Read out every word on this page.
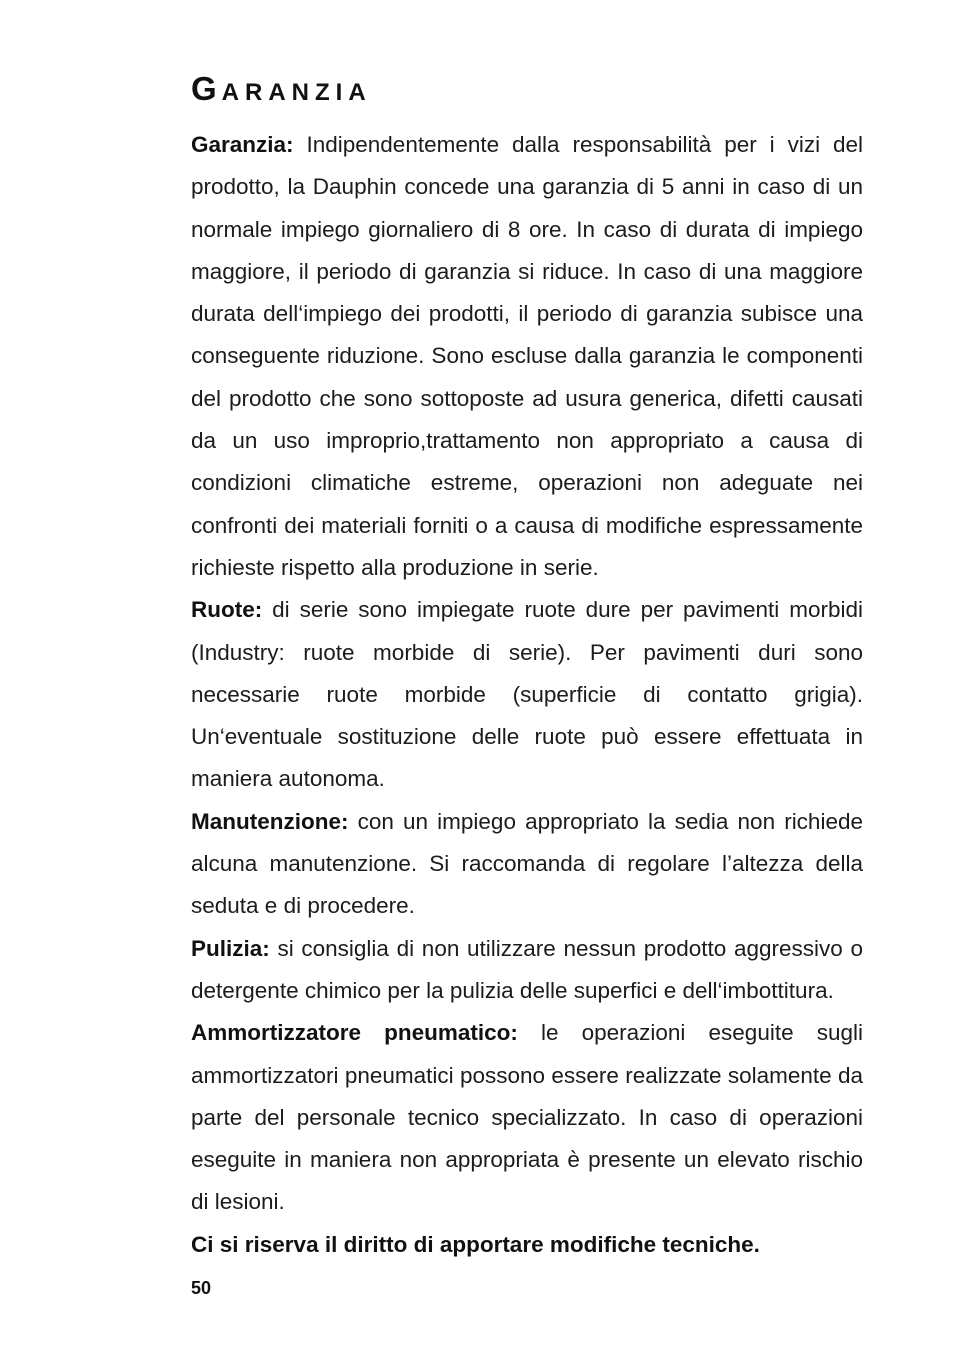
GARANZIA

Garanzia: Indipendentemente dalla responsabilità per i vizi del prodotto, la Dauphin concede una garanzia di 5 anni in caso di un normale impiego giornaliero di 8 ore. In caso di durata di impiego maggiore, il periodo di garanzia si riduce. In caso di una maggiore durata dell‘impiego dei prodotti, il periodo di garanzia subisce una conseguente riduzione. Sono escluse dalla garanzia le componenti del prodotto che sono sottoposte ad usura generica, difetti causati da un uso improprio,trattamento non appropriato a causa di condizioni climatiche estreme, operazioni non adeguate nei confronti dei materiali forniti o a causa di modifiche espressamente richieste rispetto alla produzione in serie.

Ruote: di serie sono impiegate ruote dure per pavimenti morbidi (Industry: ruote morbide di serie). Per pavimenti duri sono necessarie ruote morbide (superficie di contatto grigia). Un‘eventuale sostituzione delle ruote può essere effettuata in maniera autonoma.

Manutenzione: con un impiego appropriato la sedia non richiede alcuna manutenzione. Si raccomanda di regolare l’altezza della seduta e di procedere.

Pulizia: si consiglia di non utilizzare nessun prodotto aggressivo o detergente chimico per la pulizia delle superfici e dell‘imbottitura.

Ammortizzatore pneumatico: le operazioni eseguite sugli ammortizzatori pneumatici possono essere realizzate solamente da parte del personale tecnico specializzato. In caso di operazioni eseguite in maniera non appropriata è presente un elevato rischio di lesioni.

Ci si riserva il diritto di apportare modifiche tecniche.

50
